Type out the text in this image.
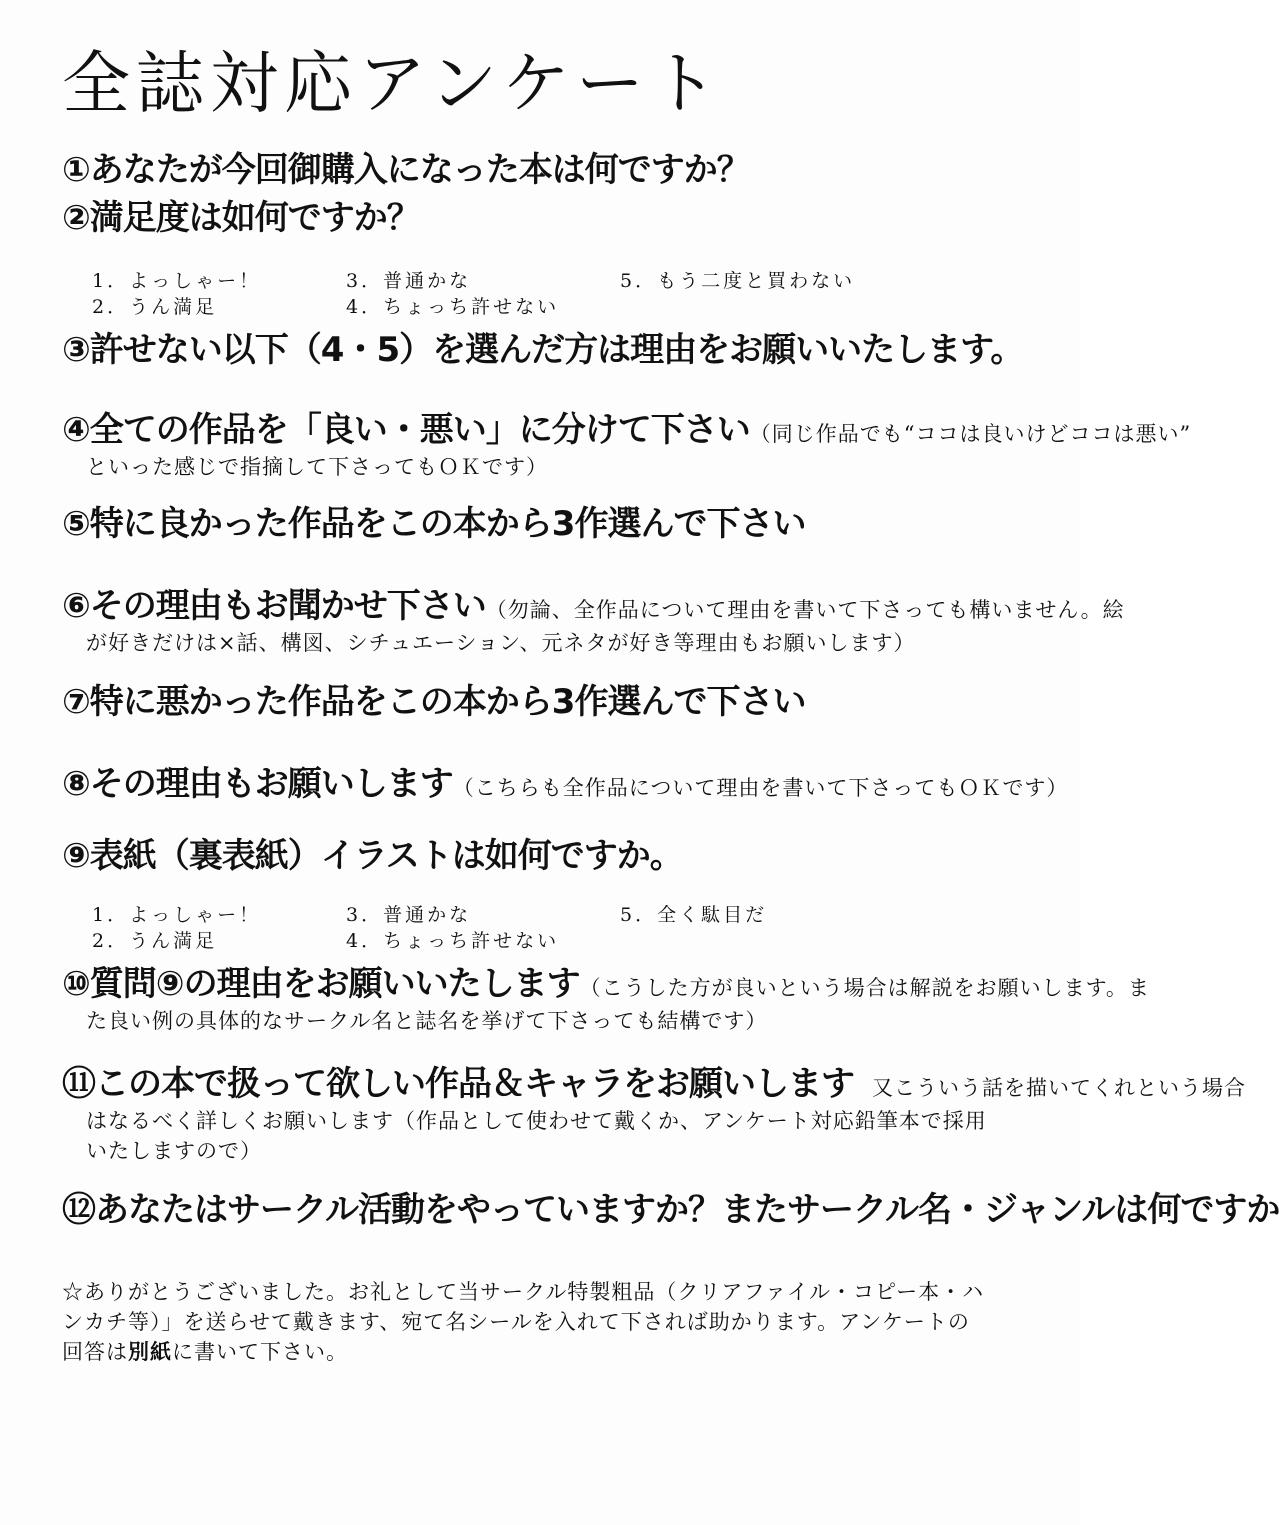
全誌対応アンケート
①あなたが今回御購入になった本は何ですか？
②満足度は如何ですか？
1．よっしゃー！
2．うん満足
3．普通かな
4．ちょっち許せない
5．もう二度と買わない
③許せない以下（4・5）を選んだ方は理由をお願いいたします。
④全ての作品を「良い・悪い」に分けて下さい（同じ作品でも“ココは良いけどココは悪い”
といった感じで指摘して下さってもＯＫです）
⑤特に良かった作品をこの本から3作選んで下さい
⑥その理由もお聞かせ下さい（勿論、全作品について理由を書いて下さっても構いません。絵
が好きだけは×話、構図、シチュエーション、元ネタが好き等理由もお願いします）
⑦特に悪かった作品をこの本から3作選んで下さい
⑧その理由もお願いします（こちらも全作品について理由を書いて下さってもＯＫです）
⑨表紙（裏表紙）イラストは如何ですか。
1．よっしゃー！
2．うん満足
3．普通かな
4．ちょっち許せない
5．全く駄目だ
⑩質問⑨の理由をお願いいたします（こうした方が良いという場合は解説をお願いします。ま
た良い例の具体的なサークル名と誌名を挙げて下さっても結構です）
⑪この本で扱って欲しい作品＆キャラをお願いします 又こういう話を描いてくれという場合
はなるべく詳しくお願いします（作品として使わせて戴くか、アンケート対応鉛筆本で採用
いたしますので）
⑫あなたはサークル活動をやっていますか？またサークル名・ジャンルは何ですか
☆ありがとうございました。お礼として当サークル特製粗品（クリアファイル・コピー本・ハ
ンカチ等）」を送らせて戴きます、宛て名シールを入れて下されば助かります。アンケートの
回答は別紙に書いて下さい。
